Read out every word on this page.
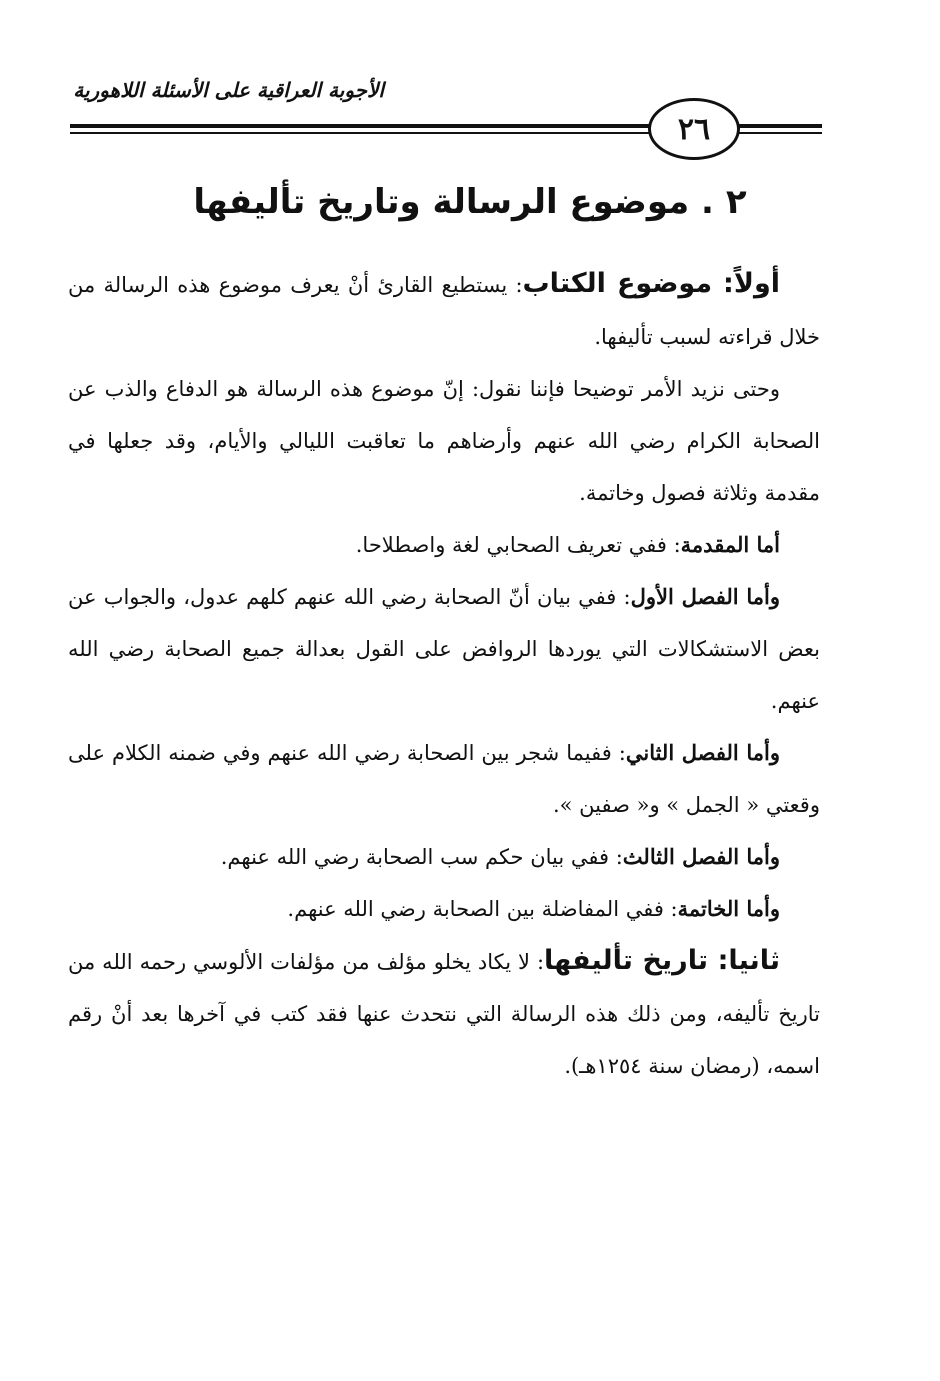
الأجوبة العراقية على الأسئلة اللاهورية
٢٦
٢ . موضوع الرسالة وتاريخ تأليفها

أولاً: موضوع الكتاب: يستطيع القارئ أنْ يعرف موضوع هذه الرسالة من خلال قراءته لسبب تأليفها.

وحتى نزيد الأمر توضيحا فإننا نقول: إنّ موضوع هذه الرسالة هو الدفاع والذب عن الصحابة الكرام رضي الله عنهم وأرضاهم ما تعاقبت الليالي والأيام، وقد جعلها في مقدمة وثلاثة فصول وخاتمة.

أما المقدمة: ففي تعريف الصحابي لغة واصطلاحا.

وأما الفصل الأول: ففي بيان أنّ الصحابة رضي الله عنهم كلهم عدول، والجواب عن بعض الاستشكالات التي يوردها الروافض على القول بعدالة جميع الصحابة رضي الله عنهم.

وأما الفصل الثاني: ففيما شجر بين الصحابة رضي الله عنهم وفي ضمنه الكلام على وقعتي « الجمل » و« صفين ».

وأما الفصل الثالث: ففي بيان حكم سب الصحابة رضي الله عنهم.

وأما الخاتمة: ففي المفاضلة بين الصحابة رضي الله عنهم.

ثانيا: تاريخ تأليفها: لا يكاد يخلو مؤلف من مؤلفات الألوسي رحمه الله من تاريخ تأليفه، ومن ذلك هذه الرسالة التي نتحدث عنها فقد كتب في آخرها بعد أنْ رقم اسمه، (رمضان سنة ١٢٥٤هـ).
